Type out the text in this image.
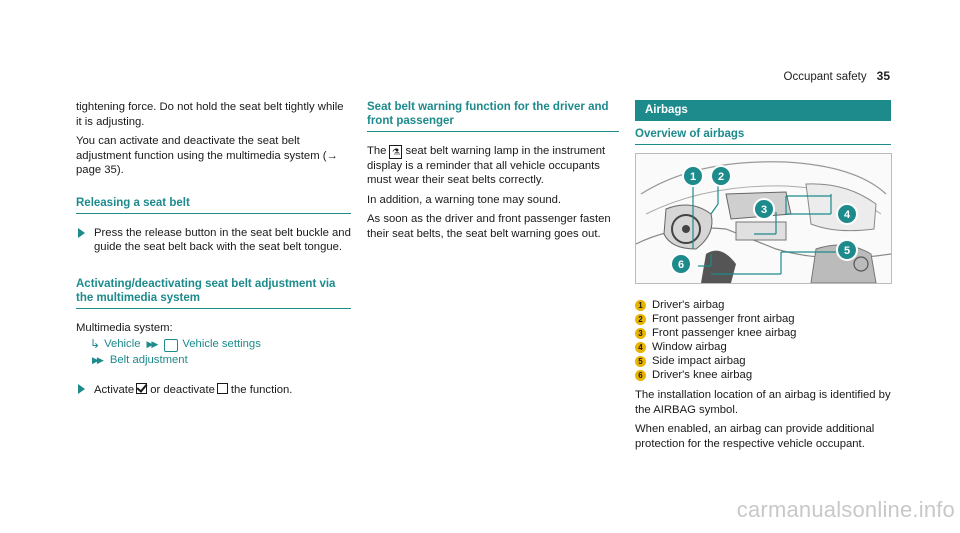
Occupant safety 35

tightening force. Do not hold the seat belt tightly while it is adjusting.

You can activate and deactivate the seat belt adjustment function using the multimedia system (→ page 35).

Releasing a seat belt
Press the release button in the seat belt buckle and guide the seat belt back with the seat belt tongue.
Activating/deactivating seat belt adjustment via the multimedia system

Multimedia system:

↳ Vehicle ▶▶ Vehicle settings
▶▶ Belt adjustment
Activate or deactivate the function.
Seat belt warning function for the driver and front passenger

The ⚗ seat belt warning lamp in the instrument display is a reminder that all vehicle occupants must wear their seat belts correctly.

In addition, a warning tone may sound.

As soon as the driver and front passenger fasten their seat belts, the seat belt warning goes out.

Airbags
Overview of airbags
1 2
3	4
5
6
1 Driver's airbag
2 Front passenger front airbag
3 Front passenger knee airbag
4 Window airbag
5 Side impact airbag
6 Driver's knee airbag

The installation location of an airbag is identified by the AIRBAG symbol.

When enabled, an airbag can provide additional protection for the respective vehicle occupant.

carmanualsonline.info
